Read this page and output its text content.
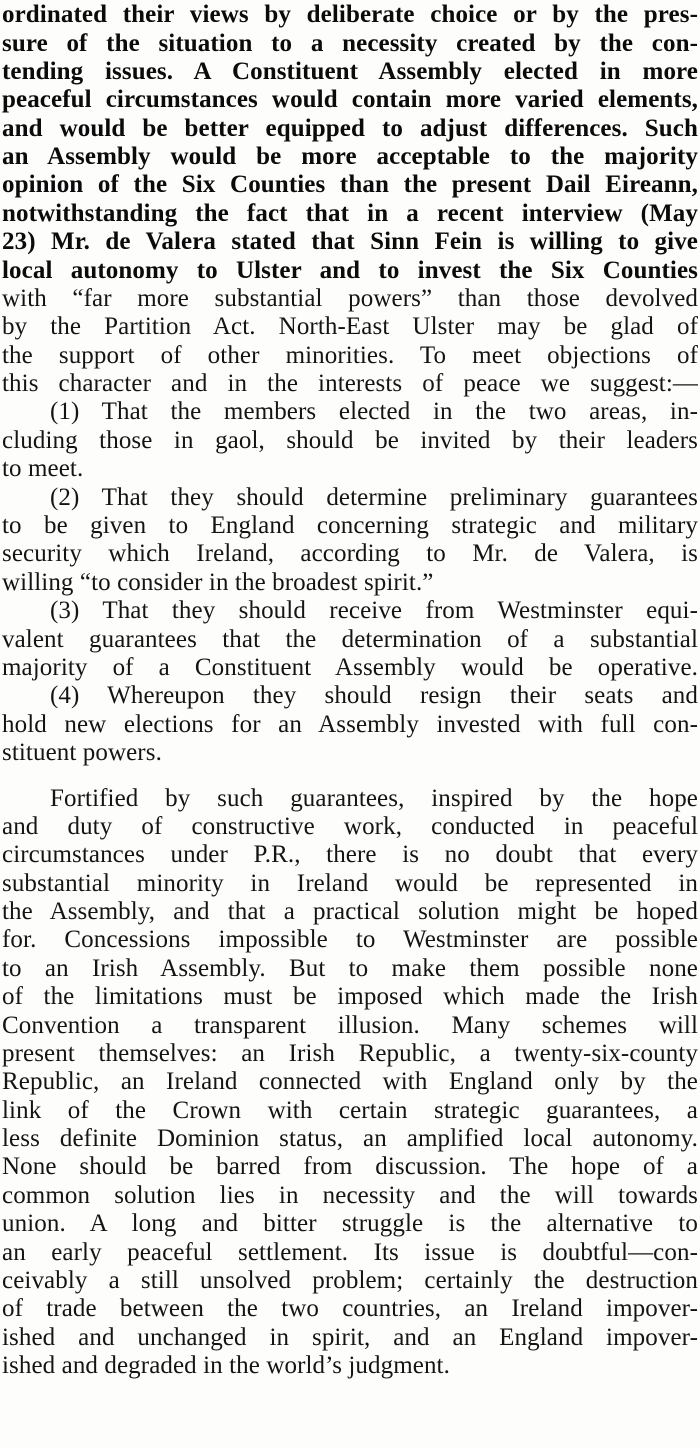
ordinated their views by deliberate choice or by the pres-
sure of the situation to a necessity created by the con-
tending issues. A Constituent Assembly elected in more
peaceful circumstances would contain more varied elements,
and would be better equipped to adjust differences. Such
an Assembly would be more acceptable to the majority
opinion of the Six Counties than the present Dail Eireann,
notwithstanding the fact that in a recent interview (May
23) Mr. de Valera stated that Sinn Fein is willing to give
local autonomy to Ulster and to invest the Six Counties
with “far more substantial powers” than those devolved
by the Partition Act. North-East Ulster may be glad of
the support of other minorities. To meet objections of
this character and in the interests of peace we suggest:—
(1) That the members elected in the two areas, in-
cluding those in gaol, should be invited by their leaders
to meet.
(2) That they should determine preliminary guarantees
to be given to England concerning strategic and military
security which Ireland, according to Mr. de Valera, is
willing “to consider in the broadest spirit.”
(3) That they should receive from Westminster equi-
valent guarantees that the determination of a substantial
majority of a Constituent Assembly would be operative.
(4) Whereupon they should resign their seats and
hold new elections for an Assembly invested with full con-
stituent powers.
Fortified by such guarantees, inspired by the hope
and duty of constructive work, conducted in peaceful
circumstances under P.R., there is no doubt that every
substantial minority in Ireland would be represented in
the Assembly, and that a practical solution might be hoped
for. Concessions impossible to Westminster are possible
to an Irish Assembly. But to make them possible none
of the limitations must be imposed which made the Irish
Convention a transparent illusion. Many schemes will
present themselves: an Irish Republic, a twenty-six-county
Republic, an Ireland connected with England only by the
link of the Crown with certain strategic guarantees, a
less definite Dominion status, an amplified local autonomy.
None should be barred from discussion. The hope of a
common solution lies in necessity and the will towards
union. A long and bitter struggle is the alternative to
an early peaceful settlement. Its issue is doubtful—con-
ceivably a still unsolved problem; certainly the destruction
of trade between the two countries, an Ireland impover-
ished and unchanged in spirit, and an England impover-
ished and degraded in the world’s judgment.
